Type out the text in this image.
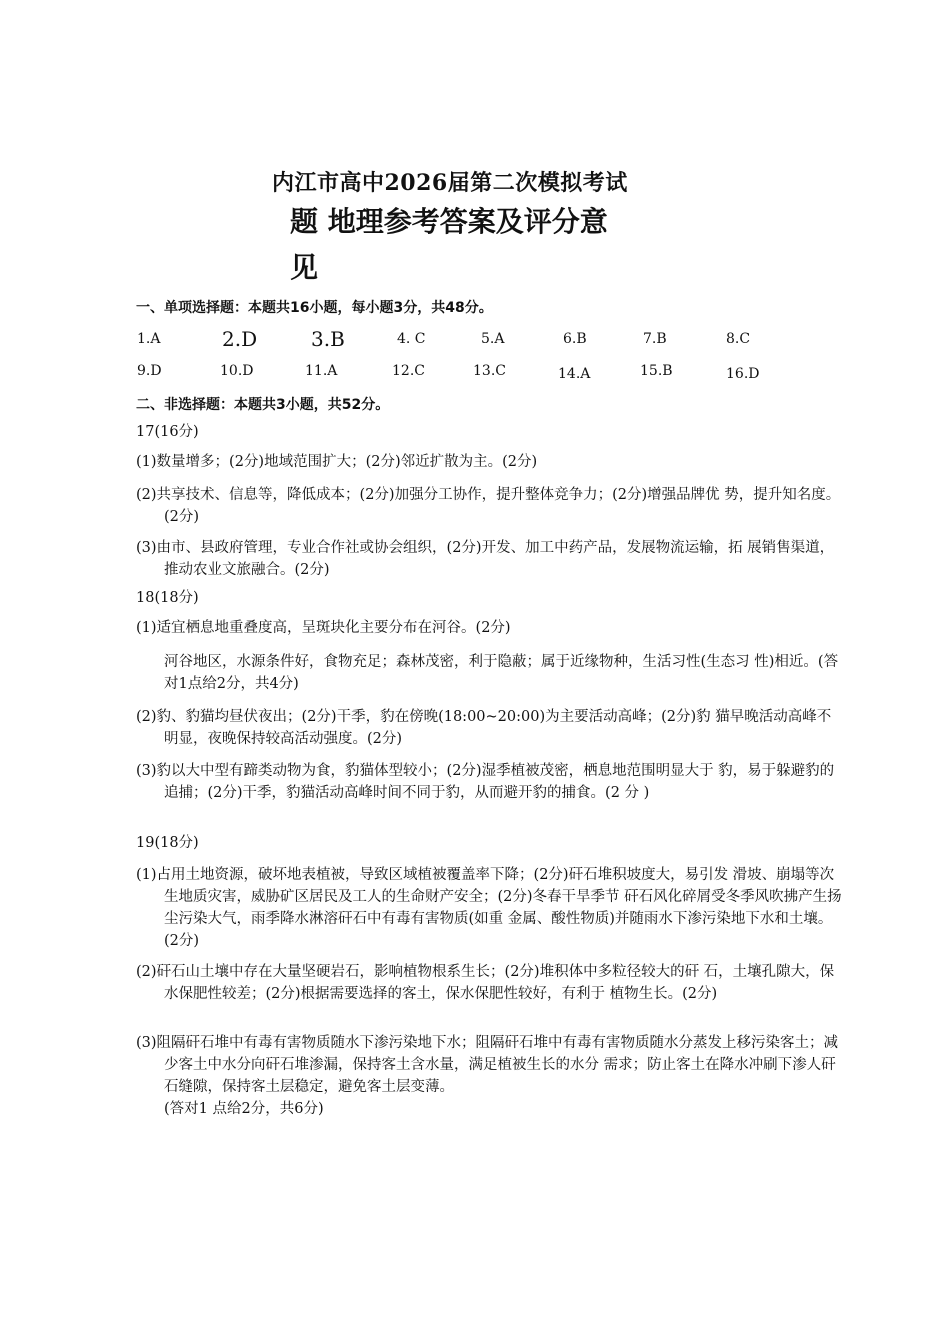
内江市高中2026届第二次模拟考试
题 地理参考答案及评分意
见
一、单项选择题：本题共16小题，每小题3分，共48分。
1.A	2.D	3.B	4. C	5.A	6.B	7.B	8.C
9.D	10.D	11.A	12.C	13.C	14.A	15.B	16.D
二、非选择题：本题共3小题，共52分。
17(16分)
(1)数量增多；(2分)地域范围扩大；(2分)邻近扩散为主。(2分)
(2)共享技术、信息等，降低成本；(2分)加强分工协作，提升整体竞争力；(2分)增强品牌优 势，提升知名度。(2分)
(3)由市、县政府管理，专业合作社或协会组织，(2分)开发、加工中药产品，发展物流运输，拓 展销售渠道，推动农业文旅融合。(2分)
18(18分)
(1)适宜栖息地重叠度高，呈斑块化主要分布在河谷。(2分)
河谷地区，水源条件好，食物充足；森林茂密，利于隐蔽；属于近缘物种，生活习性(生态习 性)相近。(答对1点给2分，共4分)
(2)豹、豹猫均昼伏夜出；(2分)干季，豹在傍晚(18:00~20:00)为主要活动高峰；(2分)豹 猫早晚活动高峰不明显，夜晚保持较高活动强度。(2分)
(3)豹以大中型有蹄类动物为食，豹猫体型较小；(2分)湿季植被茂密，栖息地范围明显大于 豹，易于躲避豹的追捕；(2分)干季，豹猫活动高峰时间不同于豹，从而避开豹的捕食。(2 分 )
19(18分)
(1)占用土地资源，破坏地表植被，导致区域植被覆盖率下降；(2分)矸石堆积坡度大，易引发 滑坡、崩塌等次生地质灾害，威胁矿区居民及工人的生命财产安全；(2分)冬春干旱季节 矸石风化碎屑受冬季风吹拂产生扬尘污染大气，雨季降水淋溶矸石中有毒有害物质(如重 金属、酸性物质)并随雨水下渗污染地下水和土壤。(2分)
(2)矸石山土壤中存在大量坚硬岩石，影响植物根系生长；(2分)堆积体中多粒径较大的矸 石，土壤孔隙大，保水保肥性较差；(2分)根据需要选择的客土，保水保肥性较好，有利于 植物生长。(2分)
(3)阻隔矸石堆中有毒有害物质随水下渗污染地下水；阻隔矸石堆中有毒有害物质随水分蒸发上移污染客土；减少客土中水分向矸石堆渗漏，保持客土含水量，满足植被生长的水分 需求；防止客土在降水冲刷下渗人矸石缝隙，保持客土层稳定，避免客土层变薄。
(答对1 点给2分，共6分)
